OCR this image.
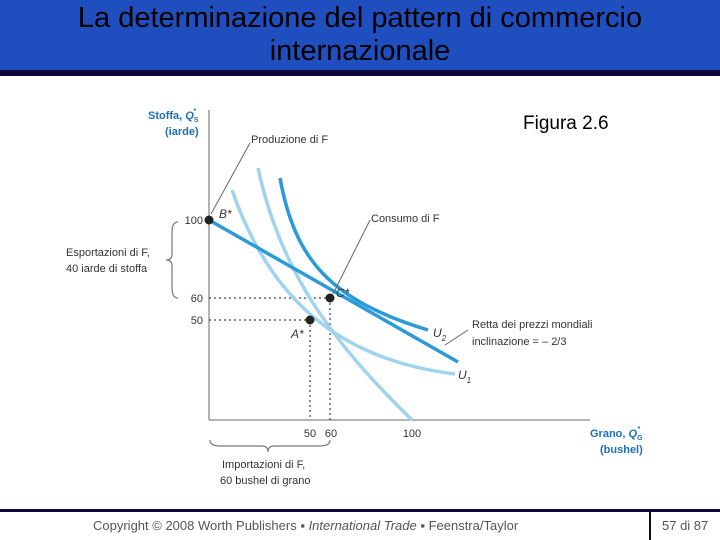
La determinazione del pattern di commercio
internazionale
Figura 2.6
Stoffa, $Q_S*$
(iarde)
Grano, $Q_G*$
(bushel)
100
60
50
50 60	100
B*
C*
A*
Produzione di F
Consumo di F
Retta dei prezzi mondiali
inclinazione = – 2/3
$U_2$
$U_1$
Esportazioni di F,
40 iarde di stoffa
Importazioni di F,
60 bushel di grano
Copyright © 2008 Worth Publishers ▪ International Trade ▪ Feenstra/Taylor	57 di 87
